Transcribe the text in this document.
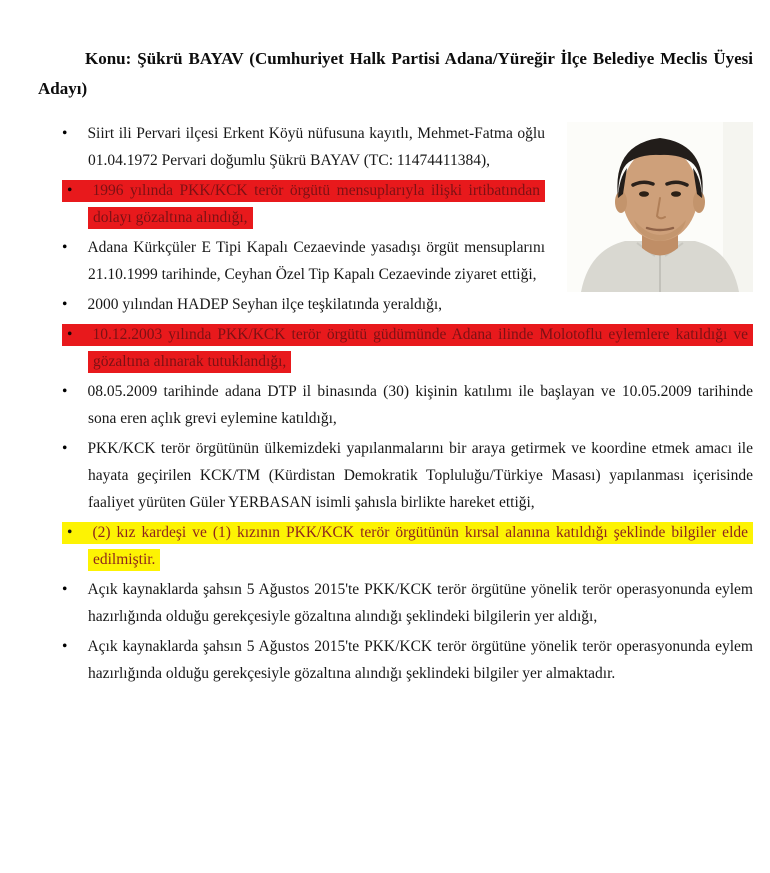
Konu: Şükrü BAYAV (Cumhuriyet Halk Partisi Adana/Yüreğir İlçe Belediye Meclis Üyesi Adayı)
• Siirt ili Pervari ilçesi Erkent Köyü nüfusuna kayıtlı, Mehmet-Fatma oğlu 01.04.1972 Pervari doğumlu Şükrü BAYAV (TC: 11474411384),
• 1996 yılında PKK/KCK terör örgütü mensuplarıyla ilişki irtibatından dolayı gözaltına alındığı,
• Adana Kürkçüler E Tipi Kapalı Cezaevinde yasadışı örgüt mensuplarını 21.10.1999 tarihinde, Ceyhan Özel Tip Kapalı Cezaevinde ziyaret ettiği,
• 2000 yılından HADEP Seyhan ilçe teşkilatında yeraldığı,
• 10.12.2003 yılında PKK/KCK terör örgütü güdümünde Adana ilinde Molotoflu eylemlere katıldığı ve gözaltına alınarak tutuklandığı,
• 08.05.2009 tarihinde adana DTP il binasında (30) kişinin katılımı ile başlayan ve 10.05.2009 tarihinde sona eren açlık grevi eylemine katıldığı,
• PKK/KCK terör örgütünün ülkemizdeki yapılanmalarını bir araya getirmek ve koordine etmek amacı ile hayata geçirilen KCK/TM (Kürdistan Demokratik Topluluğu/Türkiye Masası) yapılanması içerisinde faaliyet yürüten Güler YERBASAN isimli şahısla birlikte hareket ettiği,
• (2) kız kardeşi ve (1) kızının PKK/KCK terör örgütünün kırsal alanına katıldığı şeklinde bilgiler elde edilmiştir.
• Açık kaynaklarda şahsın 5 Ağustos 2015'te PKK/KCK terör örgütüne yönelik terör operasyonunda eylem hazırlığında olduğu gerekçesiyle gözaltına alındığı şeklindeki bilgilerin yer aldığı,
• Açık kaynaklarda şahsın 5 Ağustos 2015'te PKK/KCK terör örgütüne yönelik terör operasyonunda eylem hazırlığında olduğu gerekçesiyle gözaltına alındığı şeklindeki bilgiler yer almaktadır.
